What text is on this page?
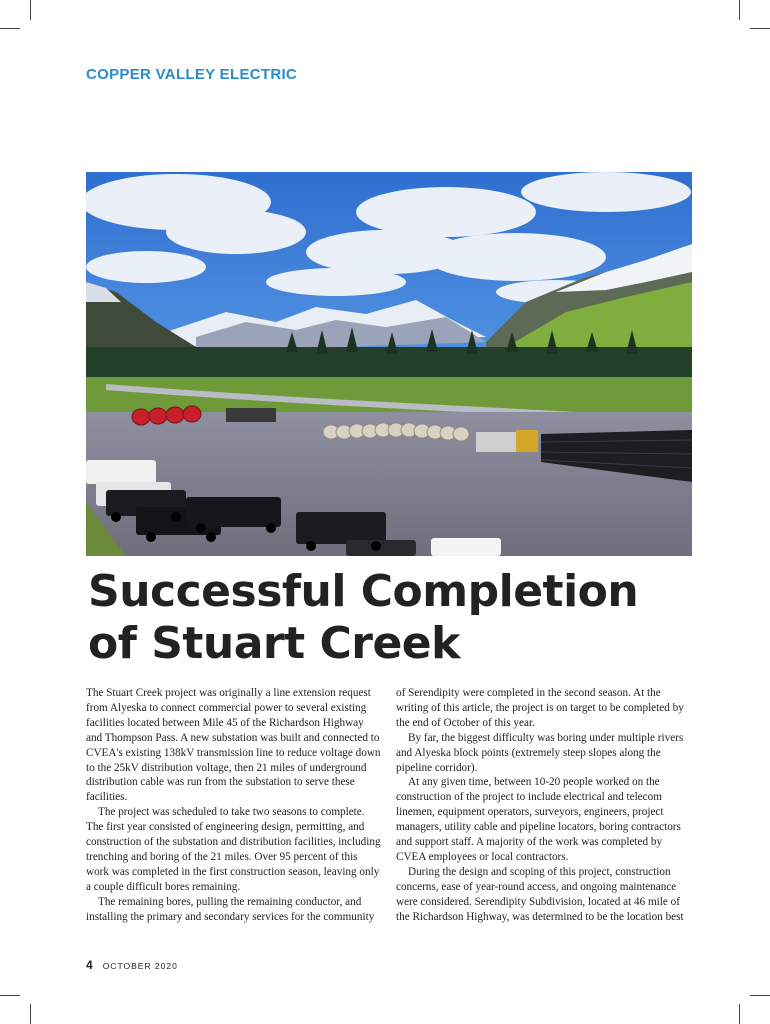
COPPER VALLEY ELECTRIC
Successful Completion
of Stuart Creek

The Stuart Creek project was originally a line extension request from Alyeska to connect commercial power to several existing facilities located between Mile 45 of the Richardson Highway and Thompson Pass. A new substation was built and connected to CVEA's existing 138kV transmission line to reduce voltage down to the 25kV distribution voltage, then 21 miles of underground distribution cable was run from the substation to serve these facilities.

The project was scheduled to take two seasons to complete. The first year consisted of engineering design, permitting, and construction of the substation and distribution facilities, including trenching and boring of the 21 miles. Over 95 percent of this work was completed in the first construction season, leaving only a couple difficult bores remaining.

The remaining bores, pulling the remaining conductor, and installing the primary and secondary services for the community

of Serendipity were completed in the second season. At the writing of this article, the project is on target to be completed by the end of October of this year.

By far, the biggest difficulty was boring under multiple rivers and Alyeska block points (extremely steep slopes along the pipeline corridor).

At any given time, between 10-20 people worked on the construction of the project to include electrical and telecom linemen, equipment operators, surveyors, engineers, project managers, utility cable and pipeline locators, boring contractors and support staff. A majority of the work was completed by CVEA employees or local contractors.

During the design and scoping of this project, construction concerns, ease of year-round access, and ongoing maintenance were considered. Serendipity Subdivision, located at 46 mile of the Richardson Highway, was determined to be the location best

4 OCTOBER 2020
